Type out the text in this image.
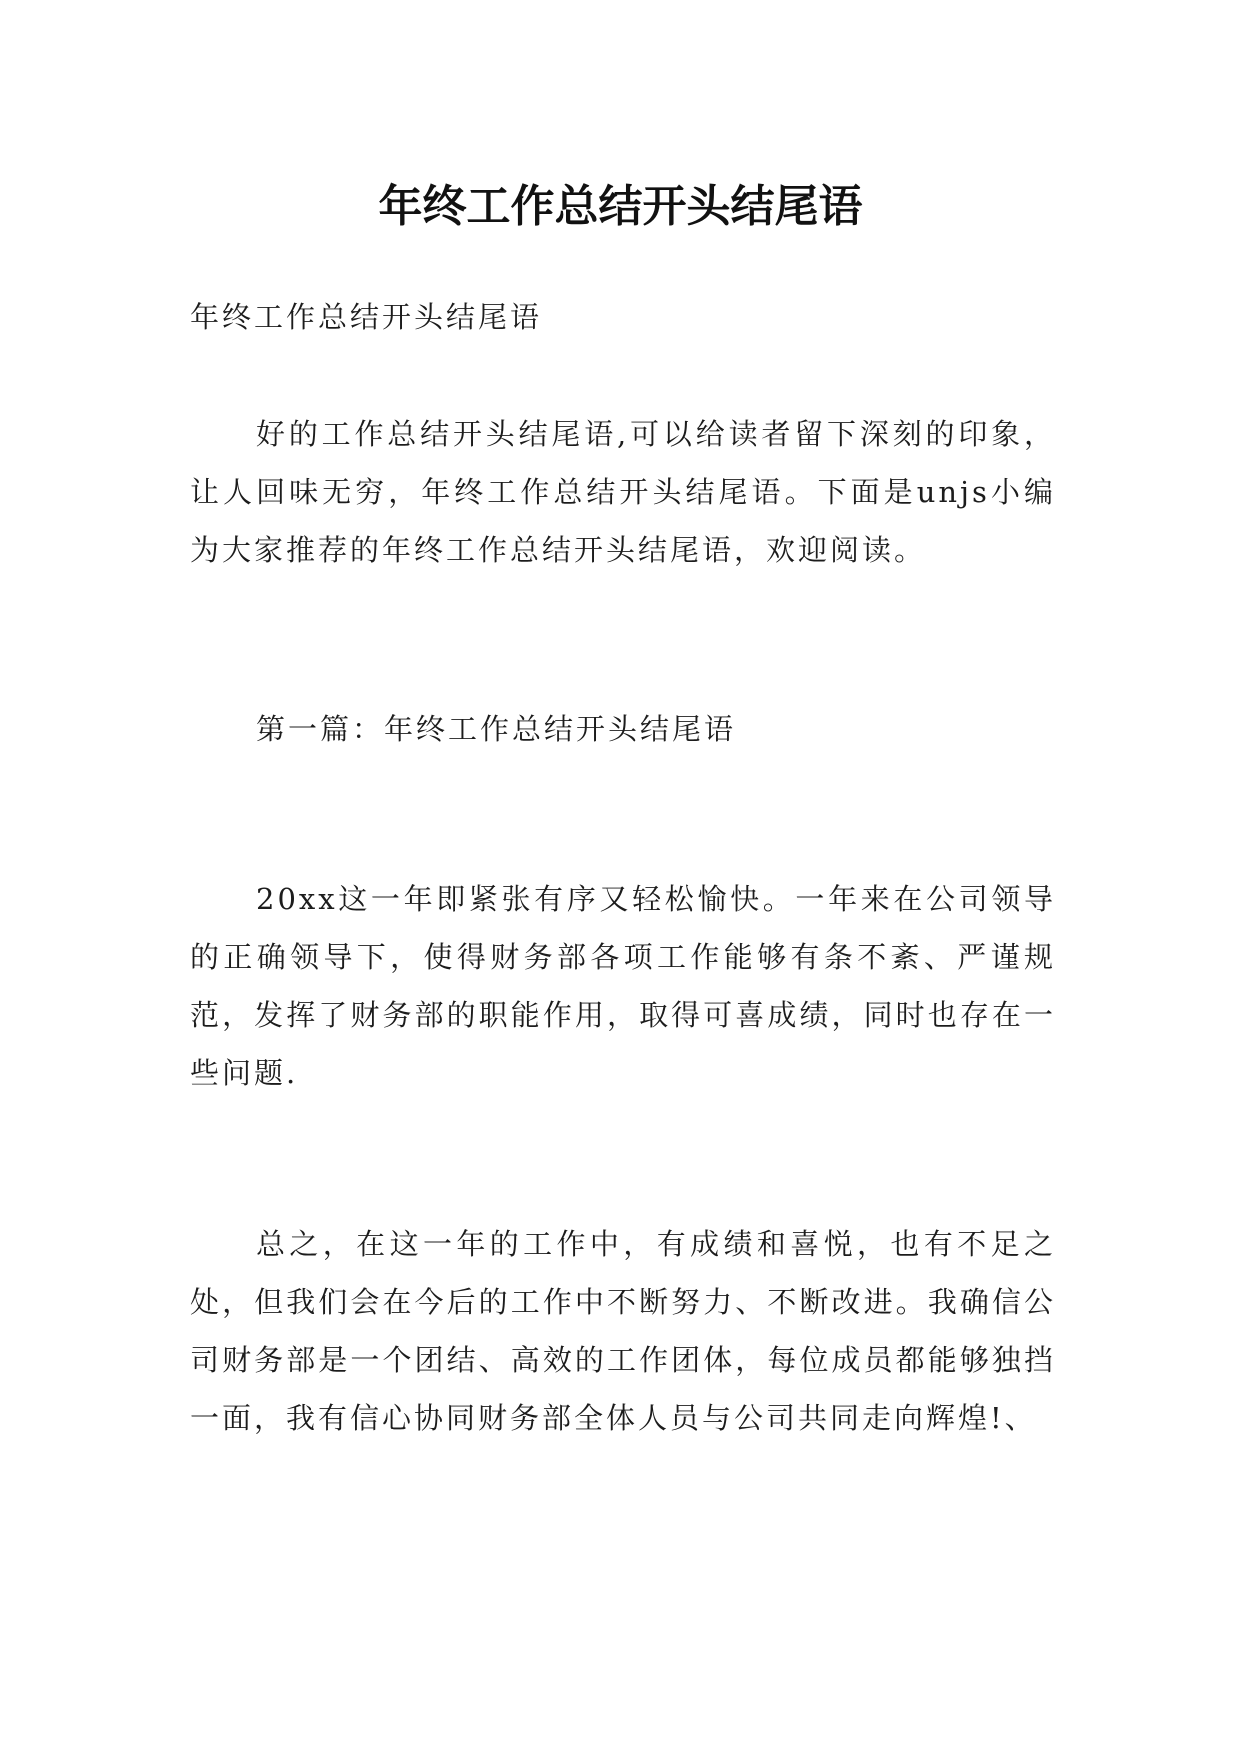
年终工作总结开头结尾语

年终工作总结开头结尾语

好的工作总结开头结尾语,可以给读者留下深刻的印象，让人回味无穷，年终工作总结开头结尾语。下面是unjs小编为大家推荐的年终工作总结开头结尾语，欢迎阅读。

第一篇：年终工作总结开头结尾语

20xx这一年即紧张有序又轻松愉快。一年来在公司领导的正确领导下，使得财务部各项工作能够有条不紊、严谨规范，发挥了财务部的职能作用，取得可喜成绩，同时也存在一些问题.

总之，在这一年的工作中，有成绩和喜悦，也有不足之处，但我们会在今后的工作中不断努力、不断改进。我确信公司财务部是一个团结、高效的工作团体，每位成员都能够独挡一面，我有信心协同财务部全体人员与公司共同走向辉煌!、
